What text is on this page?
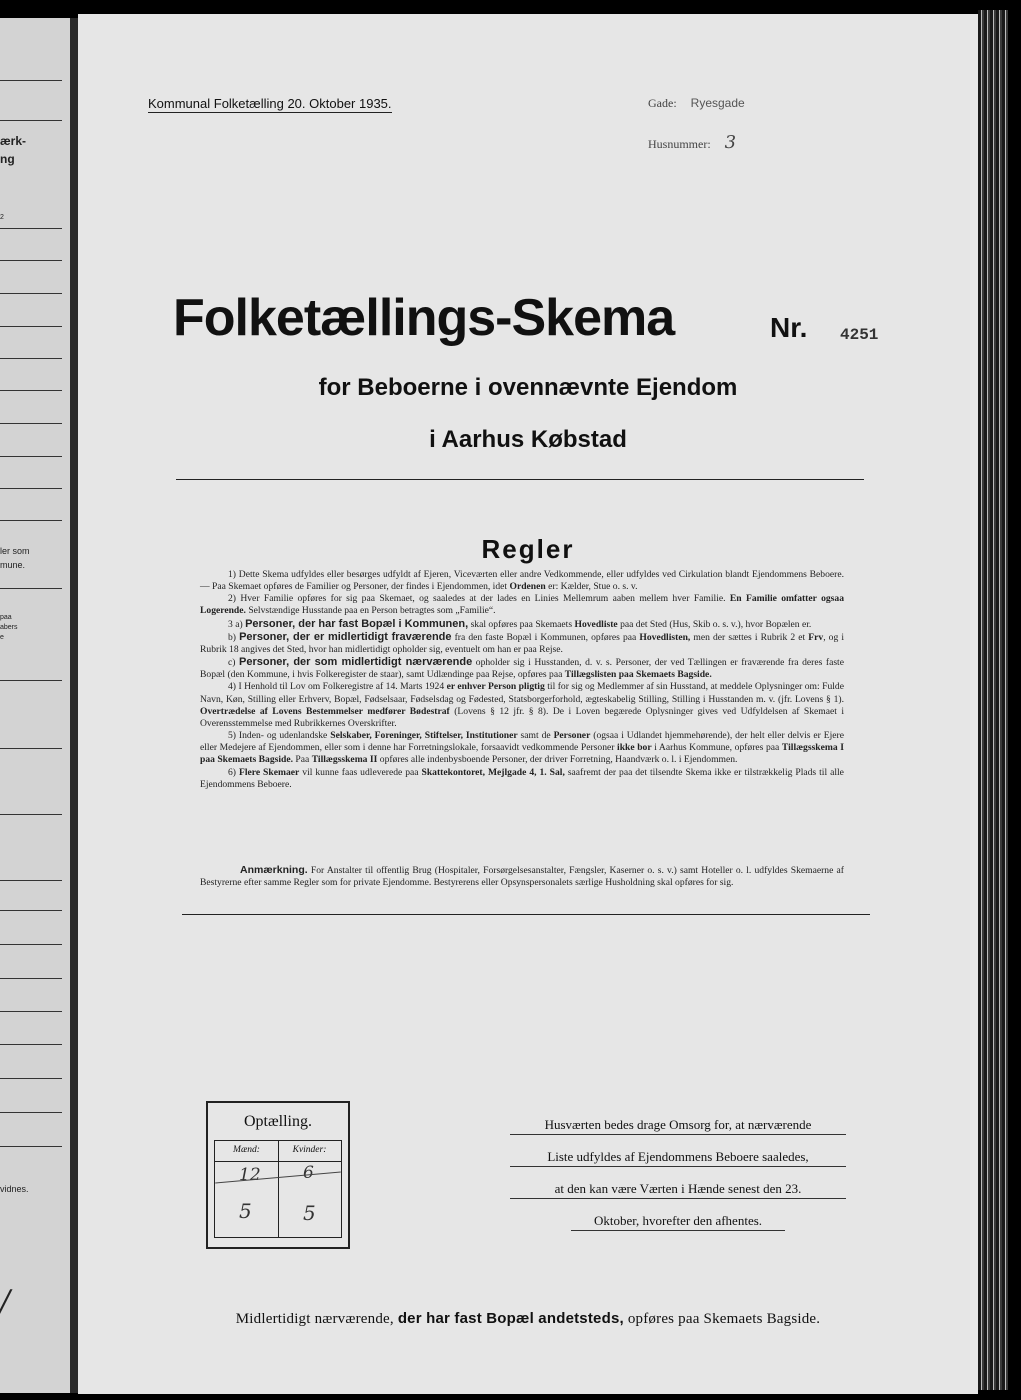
ærk-
ng
2
ler som
mune.
paa
abers
e
vidnes.
/
Kommunal Folketælling 20. Oktober 1935.	Gade: Ryesgade
Husnummer: 3
Folketællings-Skema	Nr. 4251
for Beboerne i ovennævnte Ejendom
i Aarhus Købstad
Regler

1) Dette Skema udfyldes eller besørges udfyldt af Ejeren, Viceværten eller andre Vedkommende, eller udfyldes ved Cirkulation blandt Ejendommens Beboere. — Paa Skemaet opføres de Familier og Personer, der findes i Ejendommen, idet Ordenen er: Kælder, Stue o. s. v.

2) Hver Familie opføres for sig paa Skemaet, og saaledes at der lades en Linies Mellemrum aaben mellem hver Familie. En Familie omfatter ogsaa Logerende. Selvstændige Husstande paa en Person betragtes som „Familie“.

3 a) Personer, der har fast Bopæl i Kommunen, skal opføres paa Skemaets Hovedliste paa det Sted (Hus, Skib o. s. v.), hvor Bopælen er.

b) Personer, der er midlertidigt fraværende fra den faste Bopæl i Kommunen, opføres paa Hovedlisten, men der sættes i Rubrik 2 et Frv, og i Rubrik 18 angives det Sted, hvor han midlertidigt opholder sig, eventuelt om han er paa Rejse.

c) Personer, der som midlertidigt nærværende opholder sig i Husstanden, d. v. s. Personer, der ved Tællingen er fraværende fra deres faste Bopæl (den Kommune, i hvis Folkeregister de staar), samt Udlændinge paa Rejse, opføres paa Tillægslisten paa Skemaets Bagside.

4) I Henhold til Lov om Folkeregistre af 14. Marts 1924 er enhver Person pligtig til for sig og Medlemmer af sin Husstand, at meddele Oplysninger om: Fulde Navn, Køn, Stilling eller Erhverv, Bopæl, Fødselsaar, Fødselsdag og Fødested, Statsborgerforhold, ægteskabelig Stilling, Stilling i Husstanden m. v. (jfr. Lovens § 1). Overtrædelse af Lovens Bestemmelser medfører Bødestraf (Lovens § 12 jfr. § 8). De i Loven begærede Oplysninger gives ved Udfyldelsen af Skemaet i Overensstemmelse med Rubrikkernes Overskrifter.

5) Inden- og udenlandske Selskaber, Foreninger, Stiftelser, Institutioner samt de Personer (ogsaa i Udlandet hjemmehørende), der helt eller delvis er Ejere eller Medejere af Ejendommen, eller som i denne har Forretningslokale, forsaavidt vedkommende Personer ikke bor i Aarhus Kommune, opføres paa Tillægsskema I paa Skemaets Bagside. Paa Tillægsskema II opføres alle indenbysboende Personer, der driver Forretning, Haandværk o. l. i Ejendommen.

6) Flere Skemaer vil kunne faas udleverede paa Skattekontoret, Mejlgade 4, 1. Sal, saafremt der paa det tilsendte Skema ikke er tilstrækkelig Plads til alle Ejendommens Beboere.

Anmærkning. For Anstalter til offentlig Brug (Hospitaler, Forsørgelsesanstalter, Fængsler, Kaserner o. s. v.) samt Hoteller o. l. udfyldes Skemaerne af Bestyrerne efter samme Regler som for private Ejendomme. Bestyrerens eller Opsynspersonalets særlige Husholdning skal opføres for sig.
Optælling.
Mænd:	Kvinder:
12 6
5	5
Husværten bedes drage Omsorg for, at nærværende
Liste udfyldes af Ejendommens Beboere saaledes,
at den kan være Værten i Hænde senest den 23.
Oktober, hvorefter den afhentes.
Midlertidigt nærværende, der har fast Bopæl andetsteds, opføres paa Skemaets Bagside.
